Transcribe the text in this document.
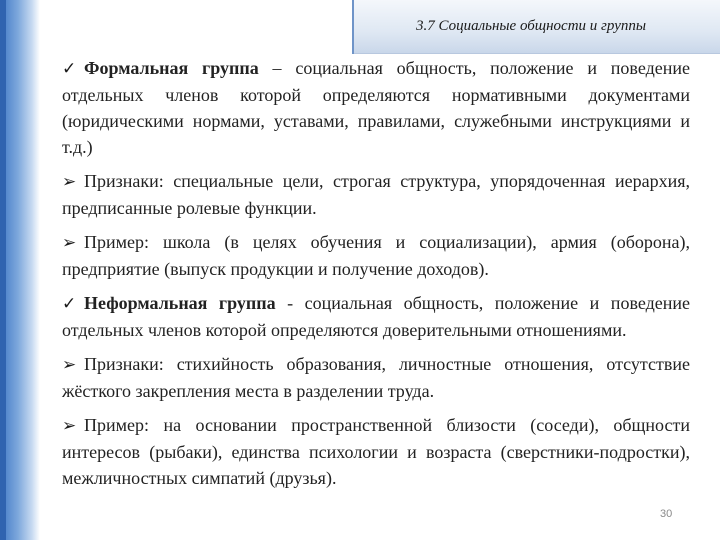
3.7 Социальные общности и группы

✓ Формальная группа – социальная общность, положение и поведение отдельных членов которой определяются нормативными документами (юридическими нормами, уставами, правилами, служебными инструкциями и т.д.)

➢ Признаки: специальные цели, строгая структура, упорядоченная иерархия, предписанные ролевые функции.

➢ Пример: школа (в целях обучения и социализации), армия (оборона), предприятие (выпуск продукции и получение доходов).

✓ Неформальная группа - социальная общность, положение и поведение отдельных членов которой определяются доверительными отношениями.

➢ Признаки: стихийность образования, личностные отношения, отсутствие жёсткого закрепления места в разделении труда.

➢ Пример: на основании пространственной близости (соседи), общности интересов (рыбаки), единства психологии и возраста (сверстники-подростки), межличностных симпатий (друзья).

30
